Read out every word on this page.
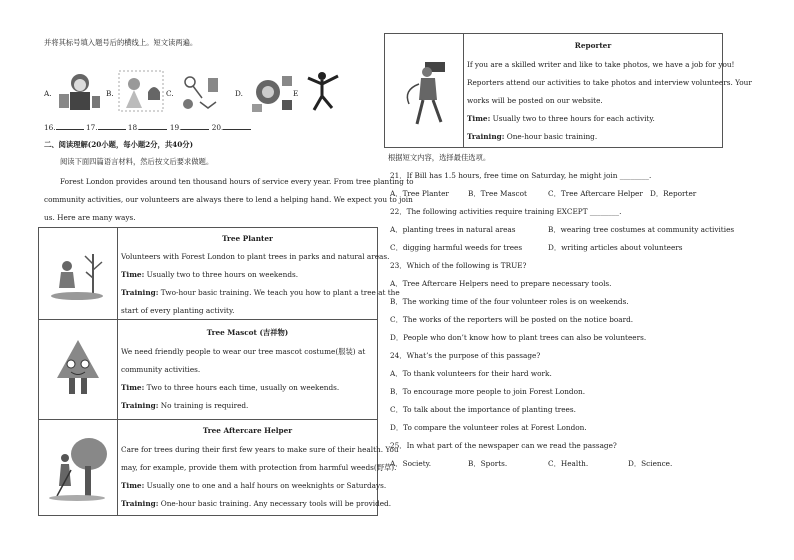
并将其标号填入题号后的横线上。短文读两遍。
A.	B.	C.	D.	E
16.	17.	18.	19.	20.
二、阅读理解(20小题，每小题2分，共40分)
阅读下面四篇语言材料，然后按文后要求做题。
Forest London provides around ten thousand hours of service every year. From tree planting to
community activities, our volunteers are always there to lend a helping hand. We expect you to join
us. Here are many ways.
Tree Planter
Volunteers with Forest London to plant trees in parks and natural areas.
Time: Usually two to three hours on weekends.
Training: Two-hour basic training. We teach you how to plant a tree at the
start of every planting activity.
Tree Mascot (吉祥物)
We need friendly people to wear our tree mascot costume(服装) at
community activities.
Time: Two to three hours each time, usually on weekends.
Training: No training is required.
Tree Aftercare Helper
Care for trees during their first few years to make sure of their health. You
may, for example, provide them with protection from harmful weeds(野草).
Time: Usually one to one and a half hours on weeknights or Saturdays.
Training: One-hour basic training. Any necessary tools will be provided.
Reporter
If you are a skilled writer and like to take photos, we have a job for you!
Reporters attend our activities to take photos and interview volunteers. Your
works will be posted on our website.
Time: Usually two to three hours for each activity.
Training: One-hour basic training.
根据短文内容，选择最佳选项。
21．If Bill has 1.5 hours, free time on Saturday, he might join ________.
A．Tree Planter	B．Tree Mascot	C．Tree Aftercare Helper D．Reporter
22．The following activities require training EXCEPT ________.
A．planting trees in natural areas	B．wearing tree costumes at community activities
C．digging harmful weeds for trees	D．writing articles about volunteers
23．Which of the following is TRUE?
A．Tree Aftercare Helpers need to prepare necessary tools.
B．The working time of the four volunteer roles is on weekends.
C．The works of the reporters will be posted on the notice board.
D．People who don’t know how to plant trees can also be volunteers.
24．What’s the purpose of this passage?
A．To thank volunteers for their hard work.
B．To encourage more people to join Forest London.
C．To talk about the importance of planting trees.
D．To compare the volunteer roles at Forest London.
25．In what part of the newspaper can we read the passage?
A．Society.	B．Sports.	C．Health.	D．Science.
